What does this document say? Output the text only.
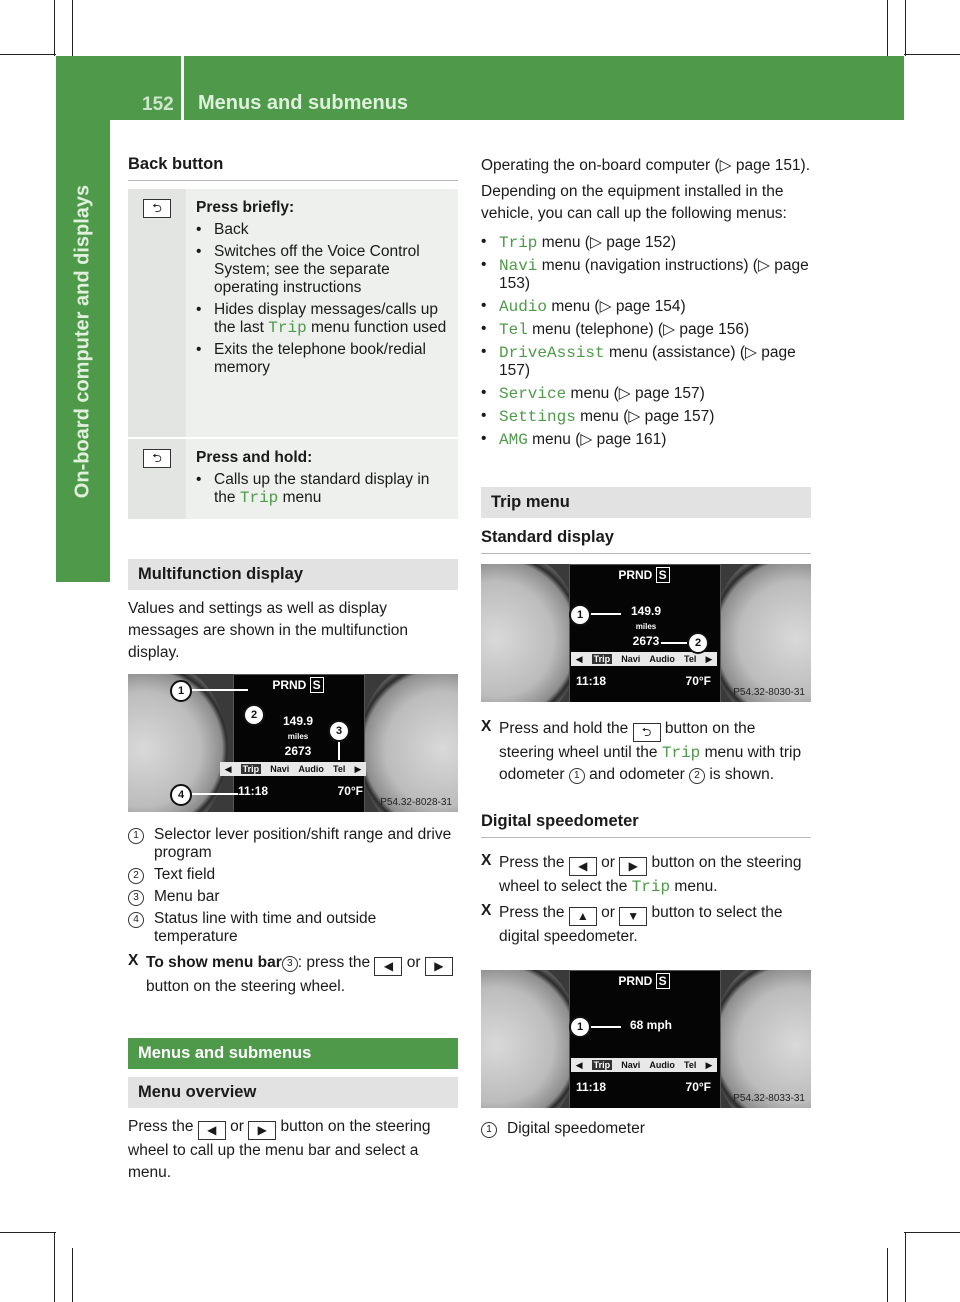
152 Menus and submenus
On-board computer and displays
Back button
⮌	Press briefly:
• Back
• Switches off the Voice Control System; see the separate operating instructions
• Hides display messages/calls up the last Trip menu function used
• Exits the telephone book/redial memory
⮌	Press and hold:
• Calls up the standard display in the Trip menu
Multifunction display

Values and settings as well as display messages are shown in the multifunction display.

PRND S
149.9
miles
2673
◀ Trip Navi Audio Tel ▶
11:18	70°F
P54.32-8028-31
1
2
3
4
1 Selector lever position/shift range and drive program
2 Text field
3 Menu bar
4 Status line with time and outside temperature
X To show menu bar 3 : press the ◀ or ▶ button on the steering wheel.

Menus and submenus
Menu overview

Press the ◀ or ▶ button on the steering wheel to call up the menu bar and select a menu.

Operating the on-board computer (▷ page 151).

Depending on the equipment installed in the vehicle, you can call up the following menus:

• Trip menu (▷ page 152)
• Navi menu (navigation instructions) (▷ page 153)
• Audio menu (▷ page 154)
• Tel menu (telephone) (▷ page 156)
• DriveAssist menu (assistance) (▷ page 157)
• Service menu (▷ page 157)
• Settings menu (▷ page 157)
• AMG menu (▷ page 161)
Trip menu
Standard display
PRND S
149.9
miles
2673
◀ Trip Navi Audio Tel ▶
11:18	70°F
P54.32-8030-31
1
2
X Press and hold the ⮌ button on the steering wheel until the Trip menu with trip odometer 1 and odometer 2 is shown.

Digital speedometer
X Press the ◀ or ▶ button on the steering wheel to select the Trip menu.

X Press the ▲ or ▼ button to select the digital speedometer.

PRND S
68 mph
◀ Trip Navi Audio Tel ▶
11:18	70°F
P54.32-8033-31
1
1 Digital speedometer
